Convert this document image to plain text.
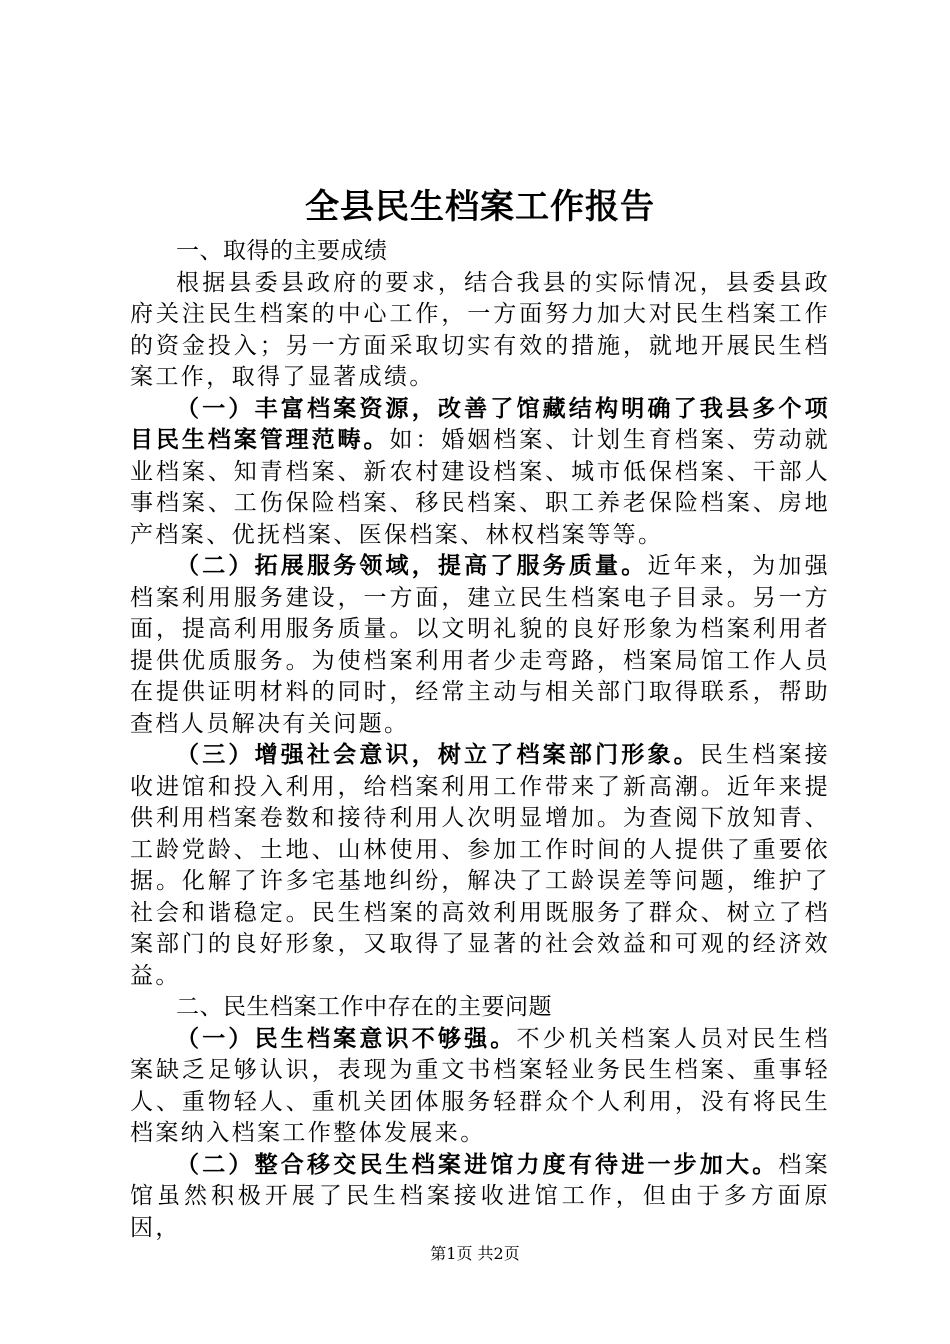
全县民生档案工作报告

一、取得的主要成绩

根据县委县政府的要求，结合我县的实际情况，县委县政府关注民生档案的中心工作，一方面努力加大对民生档案工作的资金投入；另一方面采取切实有效的措施，就地开展民生档案工作，取得了显著成绩。

（一）丰富档案资源，改善了馆藏结构明确了我县多个项目民生档案管理范畴。如：婚姻档案、计划生育档案、劳动就业档案、知青档案、新农村建设档案、城市低保档案、干部人事档案、工伤保险档案、移民档案、职工养老保险档案、房地产档案、优抚档案、医保档案、林权档案等等。

（二）拓展服务领域，提高了服务质量。近年来，为加强档案利用服务建设，一方面，建立民生档案电子目录。另一方面，提高利用服务质量。以文明礼貌的良好形象为档案利用者提供优质服务。为使档案利用者少走弯路，档案局馆工作人员在提供证明材料的同时，经常主动与相关部门取得联系，帮助查档人员解决有关问题。

（三）增强社会意识，树立了档案部门形象。民生档案接收进馆和投入利用，给档案利用工作带来了新高潮。近年来提供利用档案卷数和接待利用人次明显增加。为查阅下放知青、工龄党龄、土地、山林使用、参加工作时间的人提供了重要依据。化解了许多宅基地纠纷，解决了工龄误差等问题，维护了社会和谐稳定。民生档案的高效利用既服务了群众、树立了档案部门的良好形象，又取得了显著的社会效益和可观的经济效益。

二、民生档案工作中存在的主要问题

（一）民生档案意识不够强。不少机关档案人员对民生档案缺乏足够认识，表现为重文书档案轻业务民生档案、重事轻人、重物轻人、重机关团体服务轻群众个人利用，没有将民生档案纳入档案工作整体发展来。

（二）整合移交民生档案进馆力度有待进一步加大。档案馆虽然积极开展了民生档案接收进馆工作，但由于多方面原因，

第1页 共2页
